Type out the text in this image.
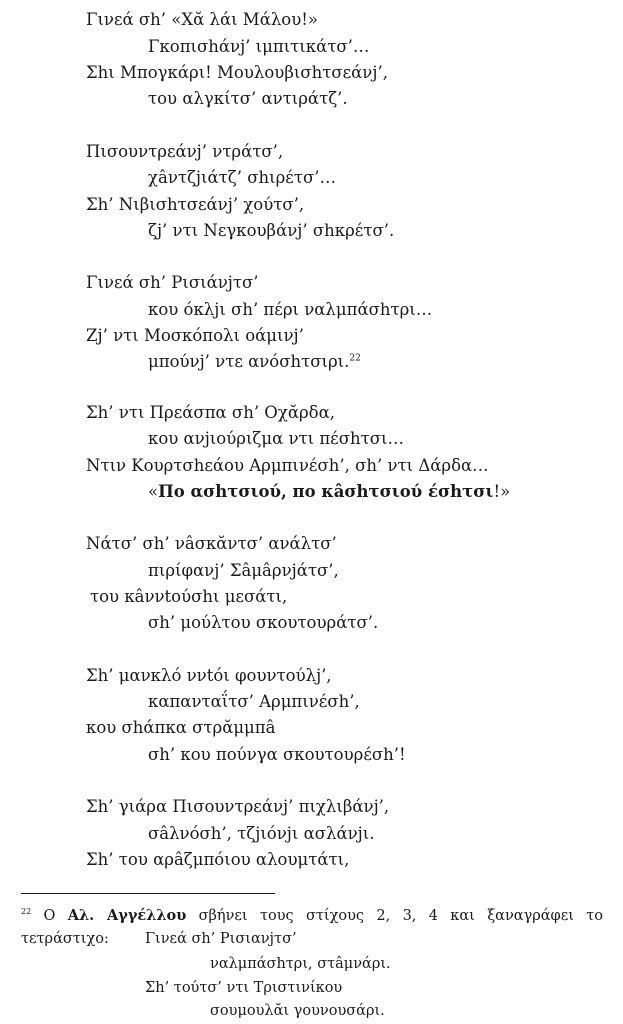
Γινεά σh’ «Χᾰ λάι Μάλου!»
Γκοπισhάνj’ ιμπιτικάτσ’…
Σhι Μπογκάρι! Μουλουβισhτσεάνj’,
του αλγκίτσ’ αντιράτζ’.
Πισουντρεάνj’ ντράτσ’,
χâντζjιάτζ’ σhιρέτσ’…
Σh’ Νιβισhτσεάνj’ χούτσ’,
ζj’ ντι Νεγκουβάνj’ σhκρέτσ’.
Γινεά σh’ Ρισιάνjτσ’
κου όκλjι σh’ πέρι ναλμπάσhτρι…
Ζj’ ντι Μοσκόπολι οάμινj’
μπούνj’ ντε ανόσhτσιρι.$^{22}$
Σh’ ντι Πρεάσπα σh’ Οχᾰρδα,
κου ανjιούριζμα ντι πέσhτσι…
Ντιν Κουρτσhεάου Αρμπινέσh’, σh’ ντι Δάρδα…
«Πο ασhτσιού, πο κâσhτσιού έσhτσι!»
Νάτσ’ σh’ νâσκᾰντσ’ ανάλτσ’
πιρίφανj’ Σâμâρνjάτσ’,
του κâννtούσhι μεσάτι,
σh’ μούλτου σκουτουράτσ’.
Σh’ μανκλό ννtόι φουντούλj’,
καπανταΐτσ’ Αρμπινέσh’,
κου σhάπκα στρᾰμμπâ
σh’ κου πούνγα σκουτουρέσh’!
Σh’ γιάρα Πισουντρεάνj’ πιχλιβάνj’,
σâλνόσh’, τζjιόνjι ασλάνjι.
Σh’ του αρâζμπόιου αλουμτάτι,
$^{22}$ Ο Αλ. Αγγέλλου σβήνει τους στίχους 2, 3, 4 και ξαναγράφει το
τετράστιχο: Γινεά σh’ Ρισιανjτσ’
ναλμπάσhτρι, στâμνάρι.
Σh’ τούτσ’ ντι Τριστινίκου
σουμουλᾰι γουνουσάρι.
